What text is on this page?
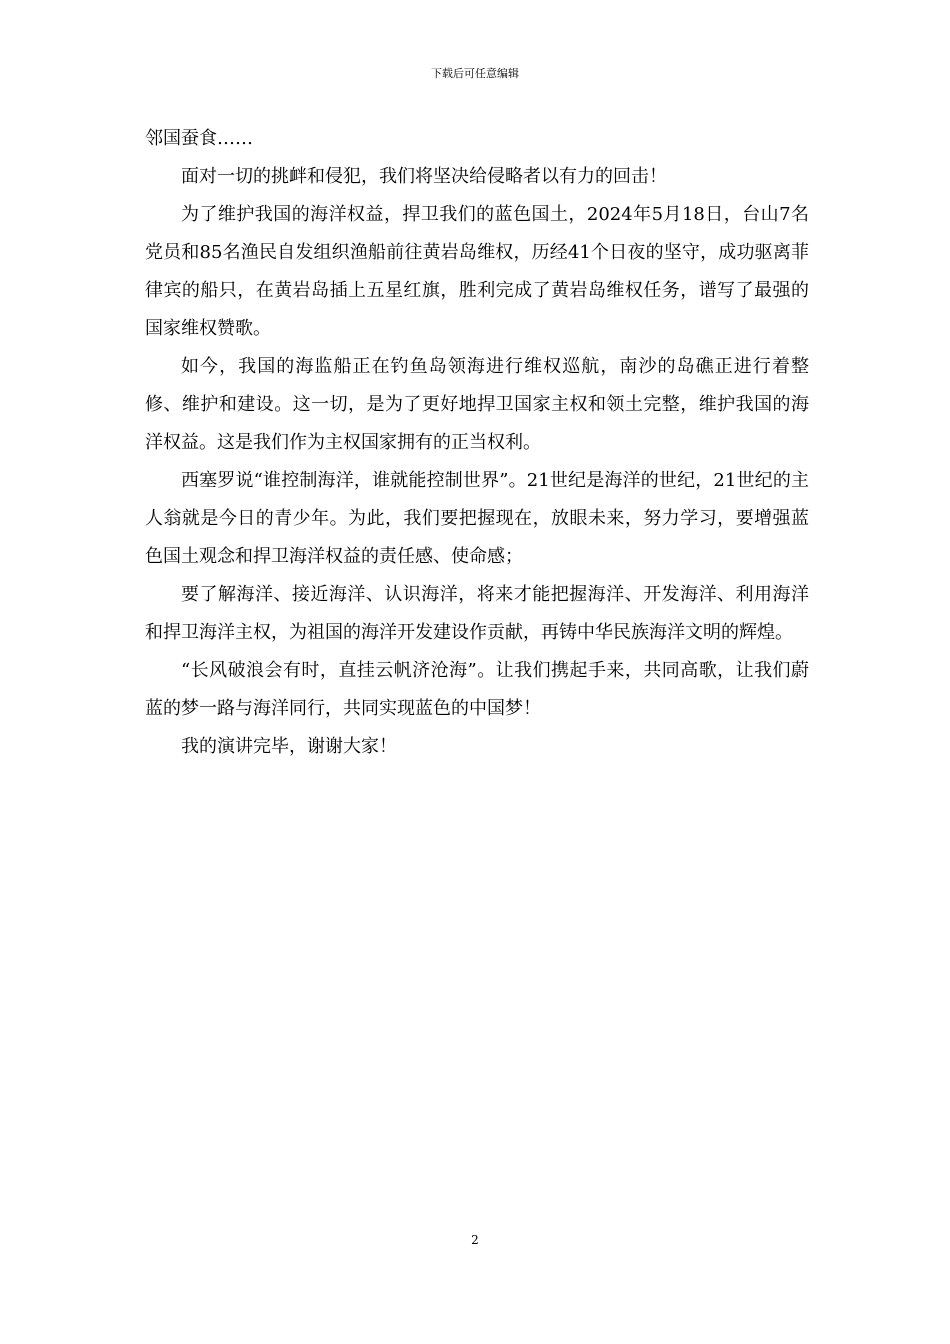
下载后可任意编辑

邻国蚕食……

面对一切的挑衅和侵犯，我们将坚决给侵略者以有力的回击！

为了维护我国的海洋权益，捍卫我们的蓝色国土，2024年5月18日，台山7名党员和85名渔民自发组织渔船前往黄岩岛维权，历经41个日夜的坚守，成功驱离菲律宾的船只，在黄岩岛插上五星红旗，胜利完成了黄岩岛维权任务，谱写了最强的国家维权赞歌。

如今，我国的海监船正在钓鱼岛领海进行维权巡航，南沙的岛礁正进行着整修、维护和建设。这一切，是为了更好地捍卫国家主权和领土完整，维护我国的海洋权益。这是我们作为主权国家拥有的正当权利。

西塞罗说“谁控制海洋，谁就能控制世界”。21世纪是海洋的世纪，21世纪的主人翁就是今日的青少年。为此，我们要把握现在，放眼未来，努力学习，要增强蓝色国土观念和捍卫海洋权益的责任感、使命感；

要了解海洋、接近海洋、认识海洋，将来才能把握海洋、开发海洋、利用海洋和捍卫海洋主权，为祖国的海洋开发建设作贡献，再铸中华民族海洋文明的辉煌。

“长风破浪会有时，直挂云帆济沧海”。让我们携起手来，共同高歌，让我们蔚蓝的梦一路与海洋同行，共同实现蓝色的中国梦！

我的演讲完毕，谢谢大家！

2
